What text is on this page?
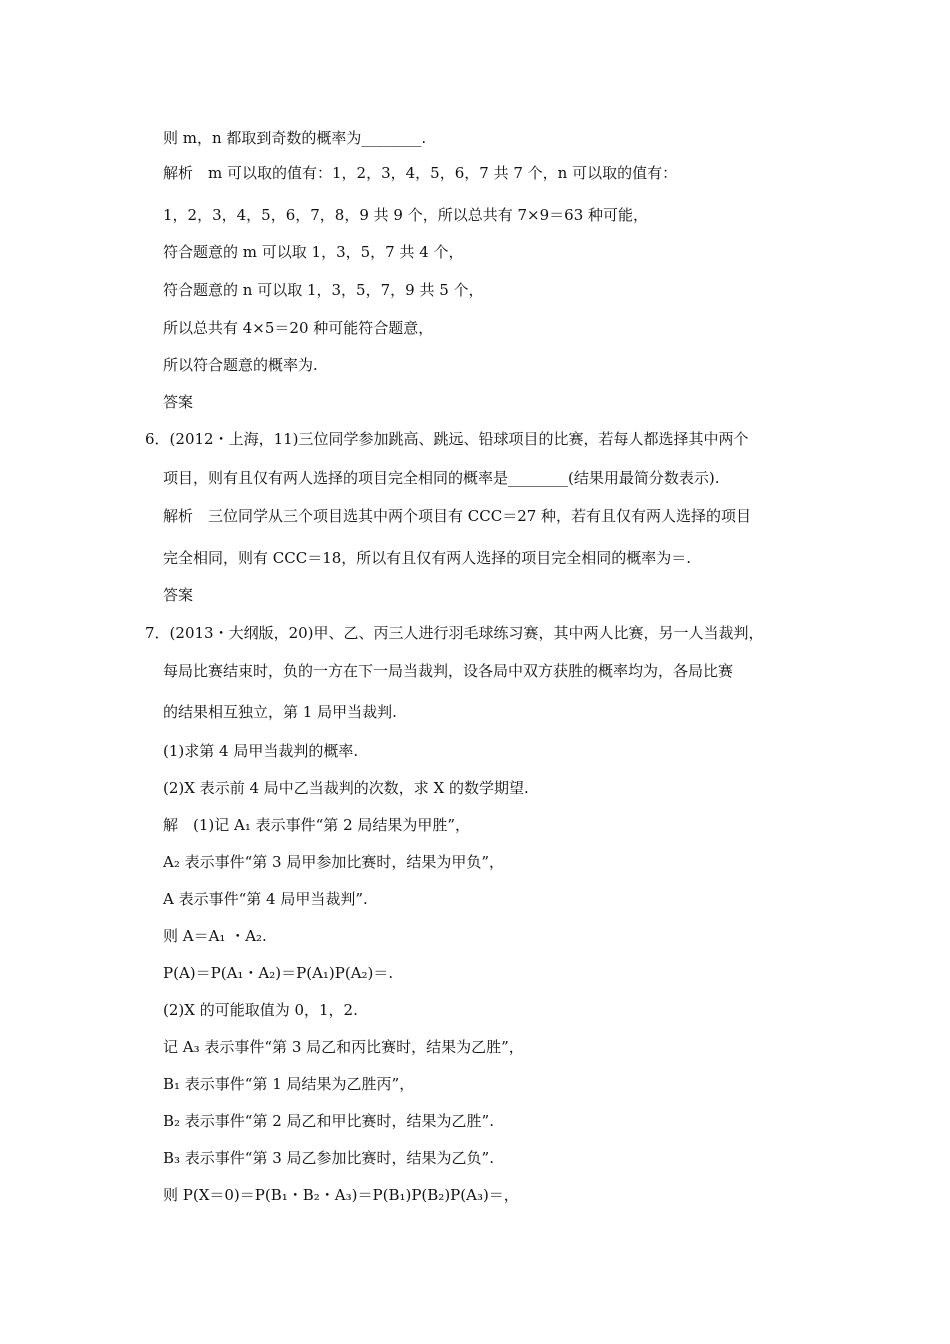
则 m，n 都取到奇数的概率为________.
解析　m 可以取的值有：1，2，3，4，5，6，7 共 7 个，n 可以取的值有：
1，2，3，4，5，6，7，8，9 共 9 个，所以总共有 7×9＝63 种可能，
符合题意的 m 可以取 1，3，5，7 共 4 个，
符合题意的 n 可以取 1，3，5，7，9 共 5 个，
所以总共有 4×5＝20 种可能符合题意，
所以符合题意的概率为.
答案
6．(2012・上海，11)三位同学参加跳高、跳远、铅球项目的比赛，若每人都选择其中两个
项目，则有且仅有两人选择的项目完全相同的概率是________(结果用最简分数表示).
解析　三位同学从三个项目选其中两个项目有 CCC＝27 种，若有且仅有两人选择的项目
完全相同，则有 CCC＝18，所以有且仅有两人选择的项目完全相同的概率为＝.
答案
7．(2013・大纲版，20)甲、乙、丙三人进行羽毛球练习赛，其中两人比赛，另一人当裁判，
每局比赛结束时，负的一方在下一局当裁判，设各局中双方获胜的概率均为，各局比赛
的结果相互独立，第 1 局甲当裁判.
(1)求第 4 局甲当裁判的概率.
(2)X 表示前 4 局中乙当裁判的次数，求 X 的数学期望.
解　(1)记 A₁ 表示事件“第 2 局结果为甲胜”，
A₂ 表示事件“第 3 局甲参加比赛时，结果为甲负”，
A 表示事件“第 4 局甲当裁判”.
则 A＝A₁ ・A₂.
P(A)＝P(A₁・A₂)＝P(A₁)P(A₂)＝.
(2)X 的可能取值为 0，1，2.
记 A₃ 表示事件“第 3 局乙和丙比赛时，结果为乙胜”，
B₁ 表示事件“第 1 局结果为乙胜丙”，
B₂ 表示事件“第 2 局乙和甲比赛时，结果为乙胜”.
B₃ 表示事件“第 3 局乙参加比赛时，结果为乙负”.
则 P(X＝0)＝P(B₁・B₂・A₃)＝P(B₁)P(B₂)P(A₃)＝，
